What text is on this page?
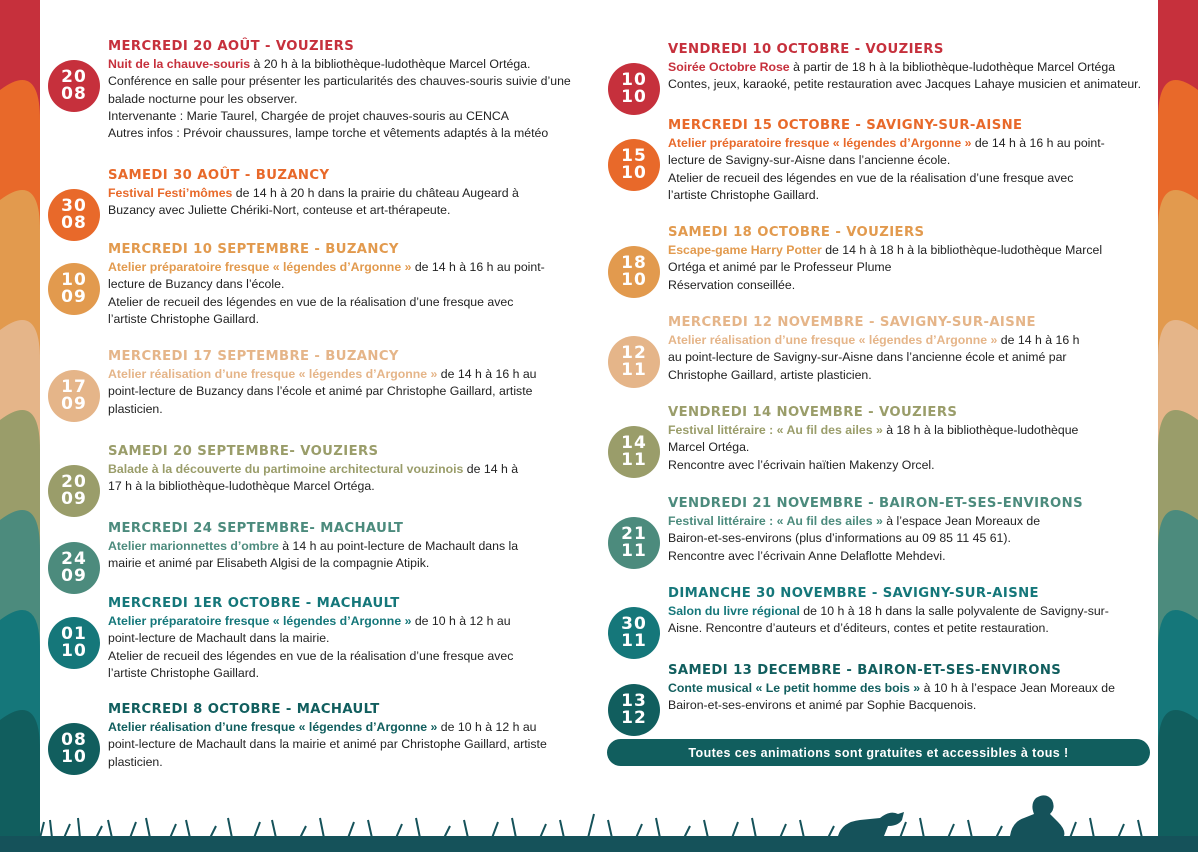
20
08
MERCREDI 20 AOÛT - VOUZIERS
Nuit de la chauve-souris à 20 h à la bibliothèque-ludothèque Marcel Ortéga.
Conférence en salle pour présenter les particularités des chauves-souris suivie d’une
balade nocturne pour les observer.
Intervenante : Marie Taurel, Chargée de projet chauves-souris au CENCA
Autres infos : Prévoir chaussures, lampe torche et vêtements adaptés à la météo
30
08
SAMEDI 30 AOÛT - BUZANCY
Festival Festi’mômes de 14 h à 20 h dans la prairie du château Augeard à
Buzancy avec Juliette Chériki-Nort, conteuse et art-thérapeute.
10
09
MERCREDI 10 SEPTEMBRE - BUZANCY
Atelier préparatoire fresque « légendes d’Argonne » de 14 h à 16 h au point-
lecture de Buzancy dans l’école.
Atelier de recueil des légendes en vue de la réalisation d’une fresque avec
l’artiste Christophe Gaillard.
17
09
MERCREDI 17 SEPTEMBRE - BUZANCY
Atelier réalisation d’une fresque « légendes d’Argonne » de 14 h à 16 h au
point-lecture de Buzancy dans l’école et animé par Christophe Gaillard, artiste
plasticien.
20
09
SAMEDI 20 SEPTEMBRE- VOUZIERS
Balade à la découverte du partimoine architectural vouzinois de 14 h à
17 h à la bibliothèque-ludothèque Marcel Ortéga.
24
09
MERCREDI 24 SEPTEMBRE- MACHAULT
Atelier marionnettes d’ombre à 14 h au point-lecture de Machault dans la
mairie et animé par Elisabeth Algisi de la compagnie Atipik.
01
10
MERCREDI 1ER OCTOBRE - MACHAULT
Atelier préparatoire fresque « légendes d’Argonne » de 10 h à 12 h au
point-lecture de Machault dans la mairie.
Atelier de recueil des légendes en vue de la réalisation d’une fresque avec
l’artiste Christophe Gaillard.
08
10
MERCREDI 8 OCTOBRE - MACHAULT
Atelier réalisation d’une fresque « légendes d’Argonne » de 10 h à 12 h au
point-lecture de Machault dans la mairie et animé par Christophe Gaillard, artiste
plasticien.
10
10
VENDREDI 10 OCTOBRE - VOUZIERS
Soirée Octobre Rose à partir de 18 h à la bibliothèque-ludothèque Marcel Ortéga
Contes, jeux, karaoké, petite restauration avec Jacques Lahaye musicien et animateur.
15
10
MERCREDI 15 OCTOBRE - SAVIGNY-SUR-AISNE
Atelier préparatoire fresque « légendes d’Argonne » de 14 h à 16 h au point-
lecture de Savigny-sur-Aisne dans l’ancienne école.
Atelier de recueil des légendes en vue de la réalisation d’une fresque avec
l’artiste Christophe Gaillard.
18
10
SAMEDI 18 OCTOBRE - VOUZIERS
Escape-game Harry Potter de 14 h à 18 h à la bibliothèque-ludothèque Marcel
Ortéga et animé par le Professeur Plume
Réservation conseillée.
12
11
MERCREDI 12 NOVEMBRE - SAVIGNY-SUR-AISNE
Atelier réalisation d’une fresque « légendes d’Argonne » de 14 h à 16 h
au point-lecture de Savigny-sur-Aisne dans l’ancienne école et animé par
Christophe Gaillard, artiste plasticien.
14
11
VENDREDI 14 NOVEMBRE - VOUZIERS
Festival littéraire : « Au fil des ailes » à 18 h à la bibliothèque-ludothèque
Marcel Ortéga.
Rencontre avec l’écrivain haïtien Makenzy Orcel.
21
11
VENDREDI 21 NOVEMBRE - BAIRON-ET-SES-ENVIRONS
Festival littéraire : « Au fil des ailes » à l’espace Jean Moreaux de
Bairon-et-ses-environs (plus d’informations au 09 85 11 45 61).
Rencontre avec l’écrivain Anne Delaflotte Mehdevi.
30
11
DIMANCHE 30 NOVEMBRE - SAVIGNY-SUR-AISNE
Salon du livre régional de 10 h à 18 h dans la salle polyvalente de Savigny-sur-
Aisne. Rencontre d’auteurs et d’éditeurs, contes et petite restauration.
13
12
SAMEDI 13 DECEMBRE - BAIRON-ET-SES-ENVIRONS
Conte musical « Le petit homme des bois » à 10 h à l’espace Jean Moreaux de
Bairon-et-ses-environs et animé par Sophie Bacquenois.
Toutes ces animations sont gratuites et accessibles à tous !
